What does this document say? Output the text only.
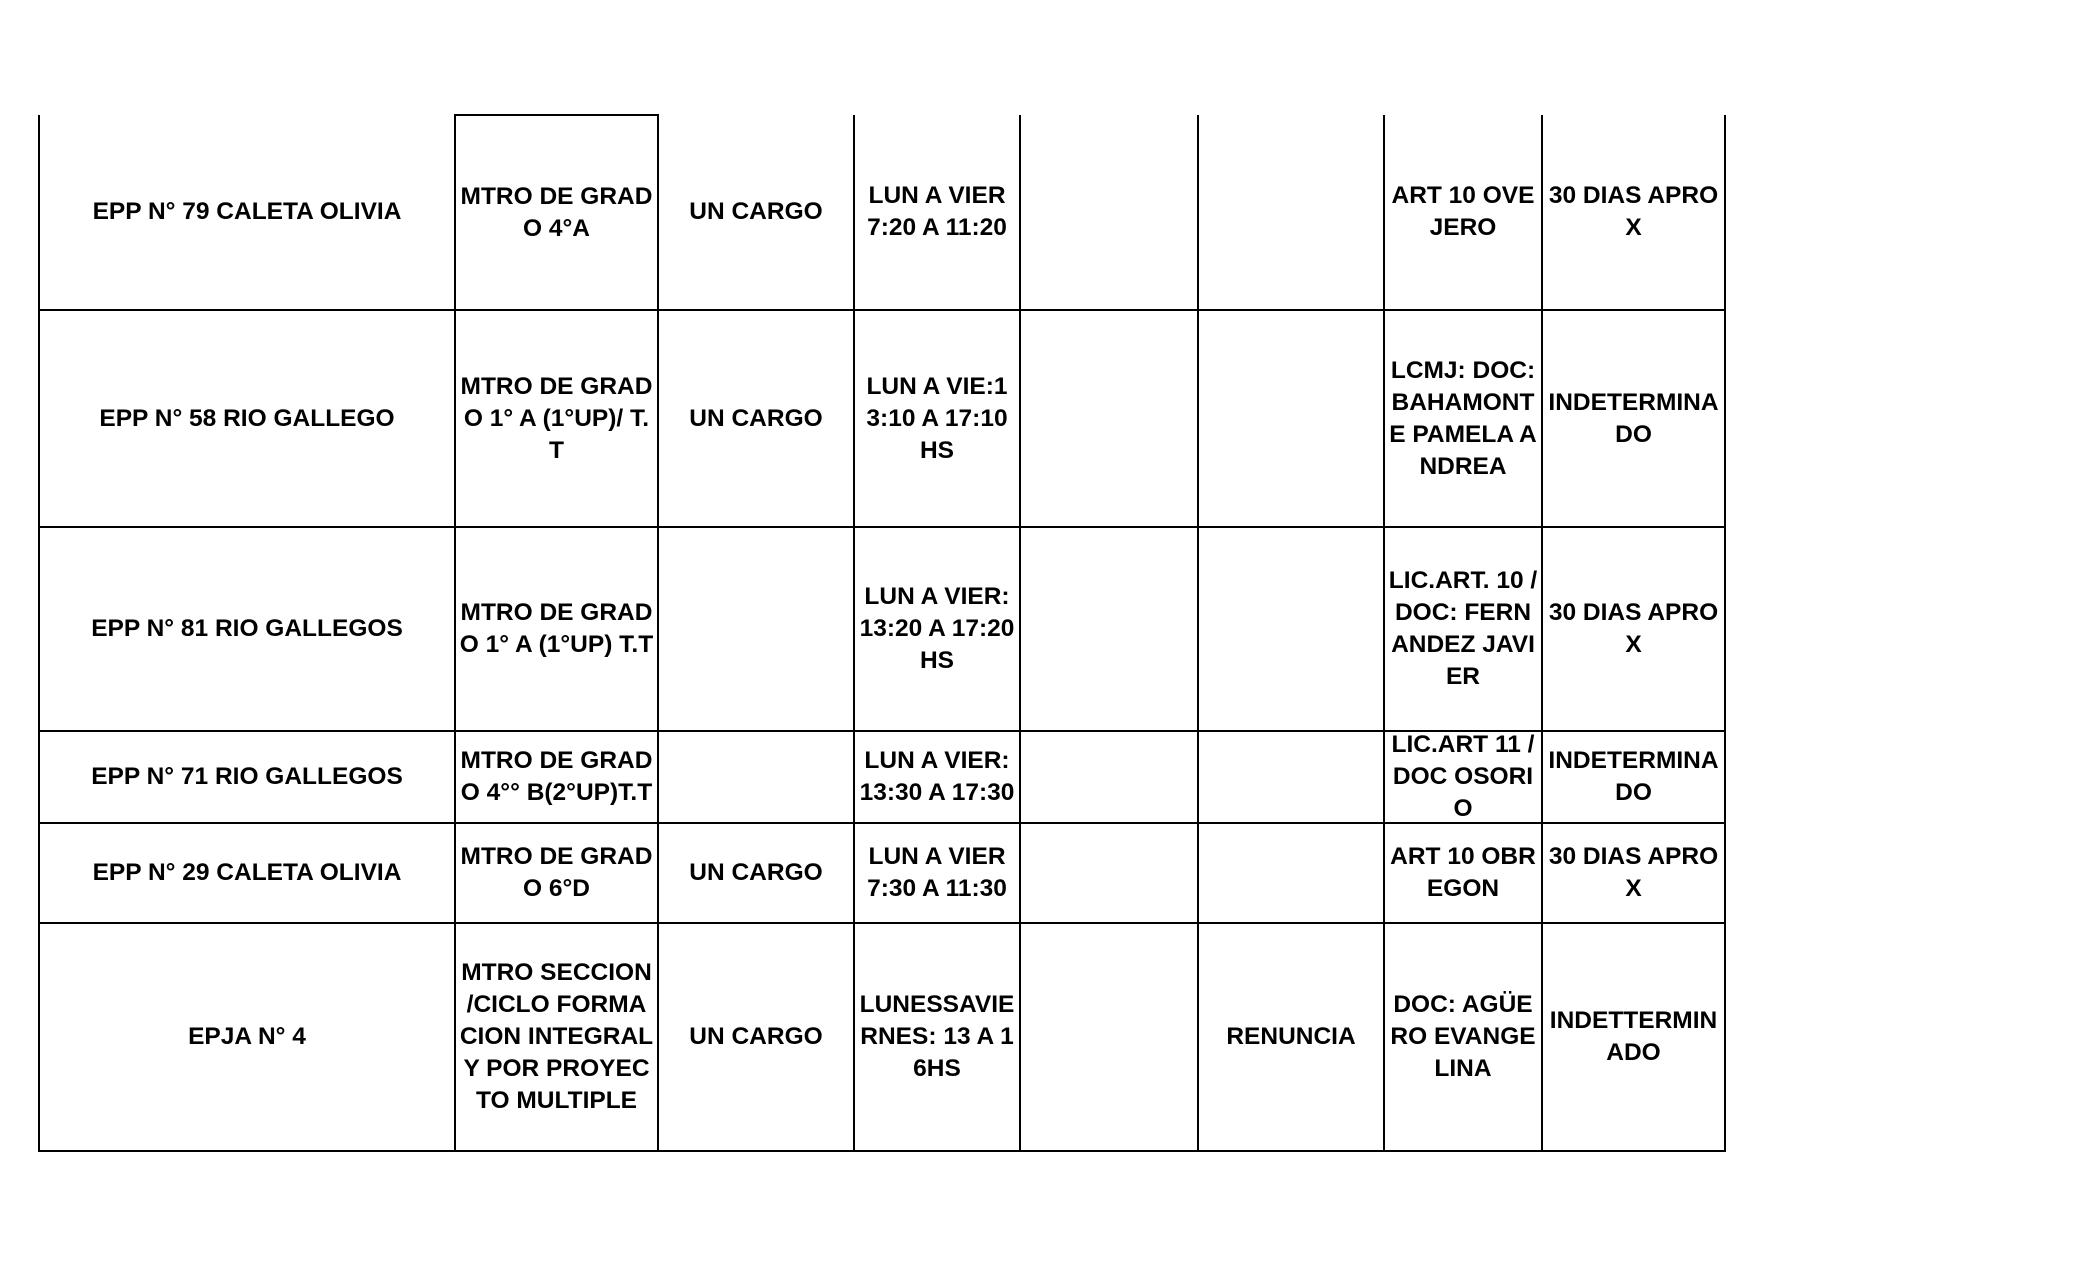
EPP N° 79 CALETA OLIVIA	MTRO DE GRADO 4°A	UN CARGO	LUN A VIER 7:20 A 11:20			ART 10 OVEJERO	30 DIAS APROX
EPP N° 58 RIO GALLEGO	MTRO DE GRADO 1° A (1°UP)/ T.T	UN CARGO	LUN A VIE:13:10 A 17:10 HS			LCMJ: DOC: BAHAMONTE PAMELA ANDREA	INDETERMINADO
EPP N° 81 RIO GALLEGOS	MTRO DE GRADO 1° A (1°UP) T.T		LUN A VIER: 13:20 A 17:20 HS			LIC.ART. 10 / DOC: FERNANDEZ JAVIER	30 DIAS APROX
EPP N° 71 RIO GALLEGOS	MTRO DE GRADO 4°° B(2°UP)T.T		LUN A VIER: 13:30 A 17:30			LIC.ART 11 /DOC OSORIO	INDETERMINADO
EPP N° 29 CALETA OLIVIA	MTRO DE GRADO 6°D	UN CARGO	LUN A VIER 7:30 A 11:30			ART 10 OBREGON	30 DIAS APROX
EPJA N° 4	MTRO SECCION /CICLO FORMACION INTEGRAL Y POR PROYECTO MULTIPLE	UN CARGO	LUNESSAVIERNES: 13 A 16HS		RENUNCIA	DOC: AGÜERO EVANGELINA	INDETTERMINADO
